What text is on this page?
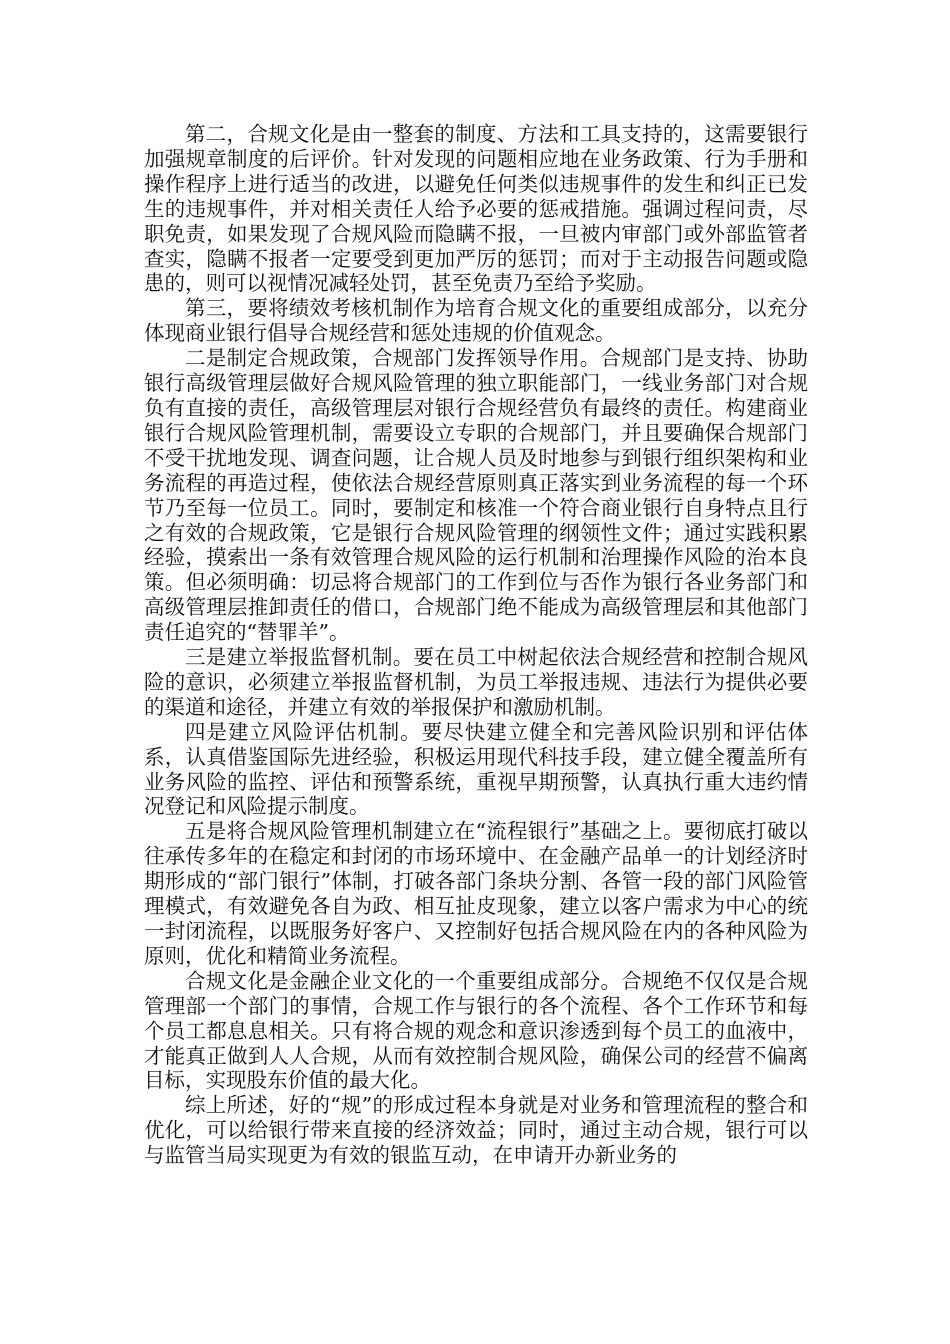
第二，合规文化是由一整套的制度、方法和工具支持的，这需要银行加强规章制度的后评价。针对发现的问题相应地在业务政策、行为手册和操作程序上进行适当的改进，以避免任何类似违规事件的发生和纠正已发生的违规事件，并对相关责任人给予必要的惩戒措施。强调过程问责，尽职免责，如果发现了合规风险而隐瞒不报，一旦被内审部门或外部监管者查实，隐瞒不报者一定要受到更加严厉的惩罚；而对于主动报告问题或隐患的，则可以视情况减轻处罚，甚至免责乃至给予奖励。

第三，要将绩效考核机制作为培育合规文化的重要组成部分，以充分体现商业银行倡导合规经营和惩处违规的价值观念。

二是制定合规政策，合规部门发挥领导作用。合规部门是支持、协助银行高级管理层做好合规风险管理的独立职能部门，一线业务部门对合规负有直接的责任，高级管理层对银行合规经营负有最终的责任。构建商业银行合规风险管理机制，需要设立专职的合规部门，并且要确保合规部门不受干扰地发现、调查问题，让合规人员及时地参与到银行组织架构和业务流程的再造过程，使依法合规经营原则真正落实到业务流程的每一个环节乃至每一位员工。同时，要制定和核准一个符合商业银行自身特点且行之有效的合规政策，它是银行合规风险管理的纲领性文件；通过实践积累经验，摸索出一条有效管理合规风险的运行机制和治理操作风险的治本良策。但必须明确：切忌将合规部门的工作到位与否作为银行各业务部门和高级管理层推卸责任的借口，合规部门绝不能成为高级管理层和其他部门责任追究的“替罪羊”。

三是建立举报监督机制。要在员工中树起依法合规经营和控制合规风险的意识，必须建立举报监督机制，为员工举报违规、违法行为提供必要的渠道和途径，并建立有效的举报保护和激励机制。

四是建立风险评估机制。要尽快建立健全和完善风险识别和评估体系，认真借鉴国际先进经验，积极运用现代科技手段，建立健全覆盖所有业务风险的监控、评估和预警系统，重视早期预警，认真执行重大违约情况登记和风险提示制度。

五是将合规风险管理机制建立在“流程银行”基础之上。要彻底打破以往承传多年的在稳定和封闭的市场环境中、在金融产品单一的计划经济时期形成的“部门银行”体制，打破各部门条块分割、各管一段的部门风险管理模式，有效避免各自为政、相互扯皮现象，建立以客户需求为中心的统一封闭流程，以既服务好客户、又控制好包括合规风险在内的各种风险为原则，优化和精简业务流程。

合规文化是金融企业文化的一个重要组成部分。合规绝不仅仅是合规管理部一个部门的事情，合规工作与银行的各个流程、各个工作环节和每个员工都息息相关。只有将合规的观念和意识渗透到每个员工的血液中，才能真正做到人人合规，从而有效控制合规风险，确保公司的经营不偏离目标，实现股东价值的最大化。

综上所述，好的“规”的形成过程本身就是对业务和管理流程的整合和优化，可以给银行带来直接的经济效益；同时，通过主动合规，银行可以与监管当局实现更为有效的银监互动，在申请开办新业务的
